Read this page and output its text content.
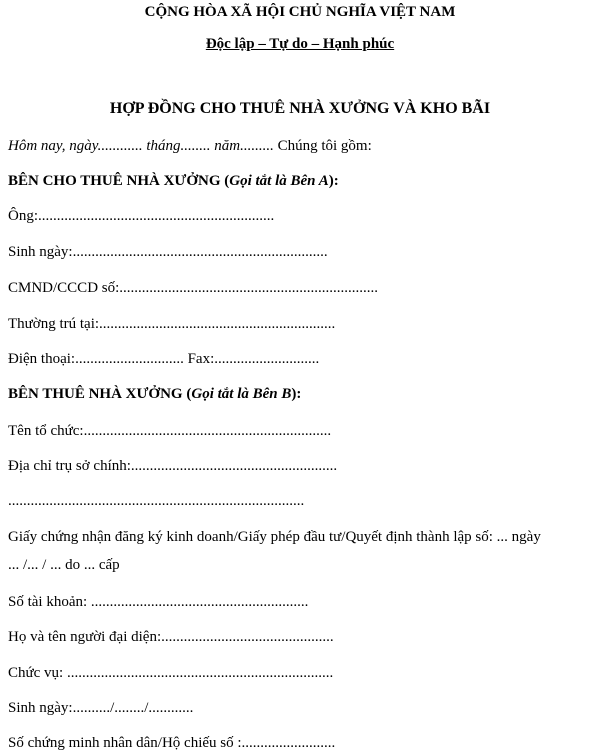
CỘNG HÒA XÃ HỘI CHỦ NGHĨA VIỆT NAM
Độc lập – Tự do – Hạnh phúc
HỢP ĐỒNG CHO THUÊ NHÀ XƯỞNG VÀ KHO BÃI
Hôm nay, ngày............ tháng........ năm......... Chúng tôi gồm:
BÊN CHO THUÊ NHÀ XƯỞNG (Gọi tắt là Bên A):
Ông:...............................................................
Sinh ngày:....................................................................
CMND/CCCD số:.....................................................................
Thường trú tại:...............................................................
Điện thoại:............................. Fax:............................
BÊN THUÊ NHÀ XƯỞNG (Gọi tắt là Bên B):
Tên tổ chức:..................................................................
Địa chỉ trụ sở chính:.......................................................
...............................................................................
Giấy chứng nhận đăng ký kinh doanh/Giấy phép đầu tư/Quyết định thành lập số: ... ngày
... /... / ... do ... cấp
Số tài khoản: ..........................................................
Họ và tên người đại diện:..............................................
Chức vụ: .......................................................................
Sinh ngày:........../......../............
Số chứng minh nhân dân/Hộ chiếu số :.........................
